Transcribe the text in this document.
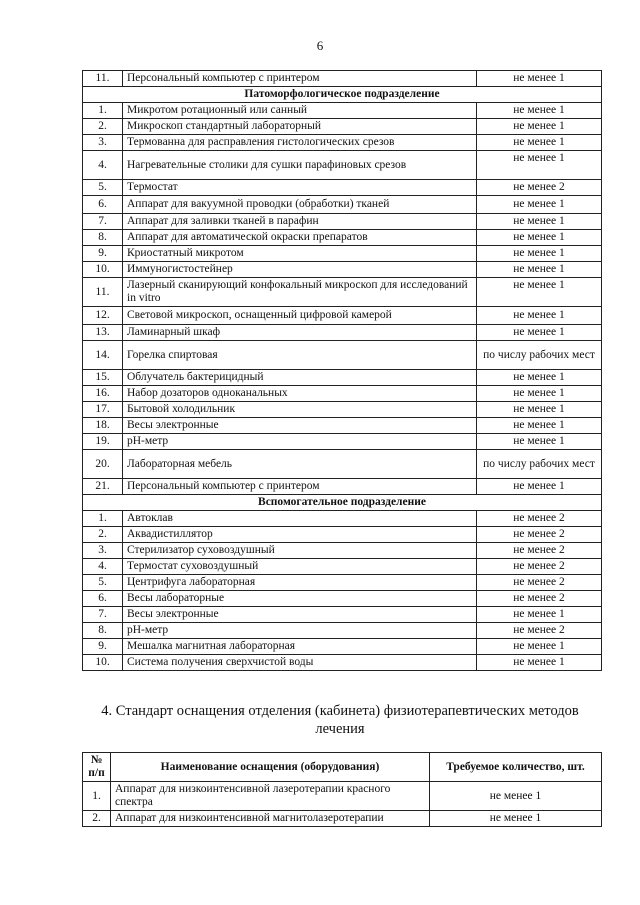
6
11.	Персональный компьютер с принтером	не менее 1
Патоморфологическое подразделение		
1.	Микротом ротационный или санный	не менее 1
2.	Микроскоп стандартный лабораторный	не менее 1
3.	Термованна для расправления гистологических срезов	не менее 1
4.	Нагревательные столики для сушки парафиновых срезов	не менее 1
5.	Термостат	не менее 2
6.	Аппарат для вакуумной проводки (обработки) тканей	не менее 1
7.	Аппарат для заливки тканей в парафин	не менее 1
8.	Аппарат для автоматической окраски препаратов	не менее 1
9.	Криостатный микротом	не менее 1
10.	Иммуногистостейнер	не менее 1
11.	Лазерный сканирующий конфокальный микроскоп для исследований in vitro	не менее 1
12.	Световой микроскоп, оснащенный цифровой камерой	не менее 1
13.	Ламинарный шкаф	не менее 1
14.	Горелка спиртовая	по числу рабочих мест
15.	Облучатель бактерицидный	не менее 1
16.	Набор дозаторов одноканальных	не менее 1
17.	Бытовой холодильник	не менее 1
18.	Весы электронные	не менее 1
19.	pH-метр	не менее 1
20.	Лабораторная мебель	по числу рабочих мест
21.	Персональный компьютер с принтером	не менее 1
Вспомогательное подразделение		
1.	Автоклав	не менее 2
2.	Аквадистиллятор	не менее 2
3.	Стерилизатор суховоздушный	не менее 2
4.	Термостат суховоздушный	не менее 2
5.	Центрифуга лабораторная	не менее 2
6.	Весы лабораторные	не менее 2
7.	Весы электронные	не менее 1
8.	pH-метр	не менее 2
9.	Мешалка магнитная лабораторная	не менее 1
10.	Система получения сверхчистой воды	не менее 1
4. Стандарт оснащения отделения (кабинета) физиотерапевтических методов лечения
№ п/п	Наименование оснащения (оборудования)	Требуемое количество, шт.
1.	Аппарат для низкоинтенсивной лазеротерапии красного спектра	не менее 1
2.	Аппарат для низкоинтенсивной магнитолазеротерапии	не менее 1
